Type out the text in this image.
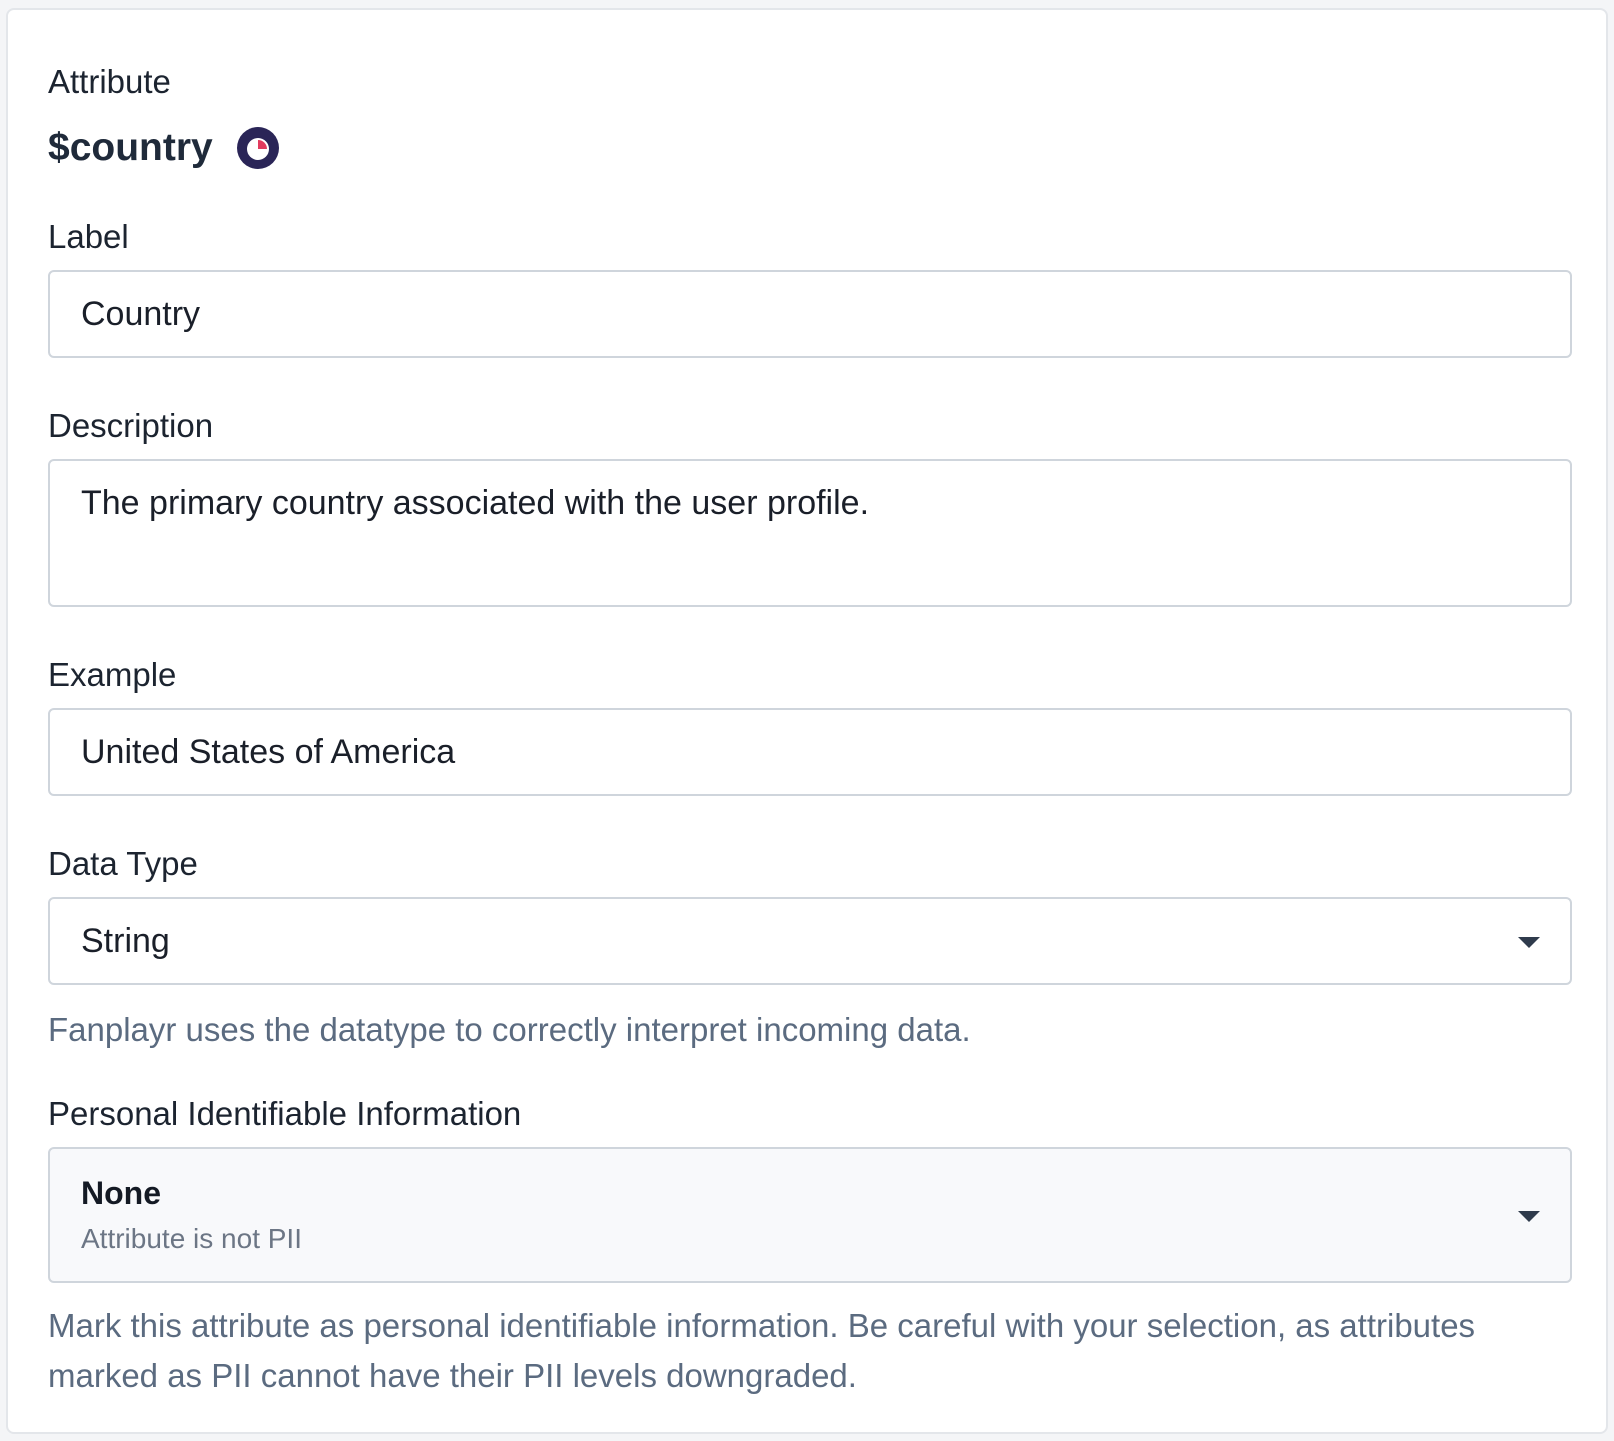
Attribute
$country
Label
Country
Description
The primary country associated with the user profile.
Example
United States of America
Data Type
String
Fanplayr uses the datatype to correctly interpret incoming data.
Personal Identifiable Information
None
Attribute is not PII
Mark this attribute as personal identifiable information. Be careful with your selection, as attributes marked as PII cannot have their PII levels downgraded.
